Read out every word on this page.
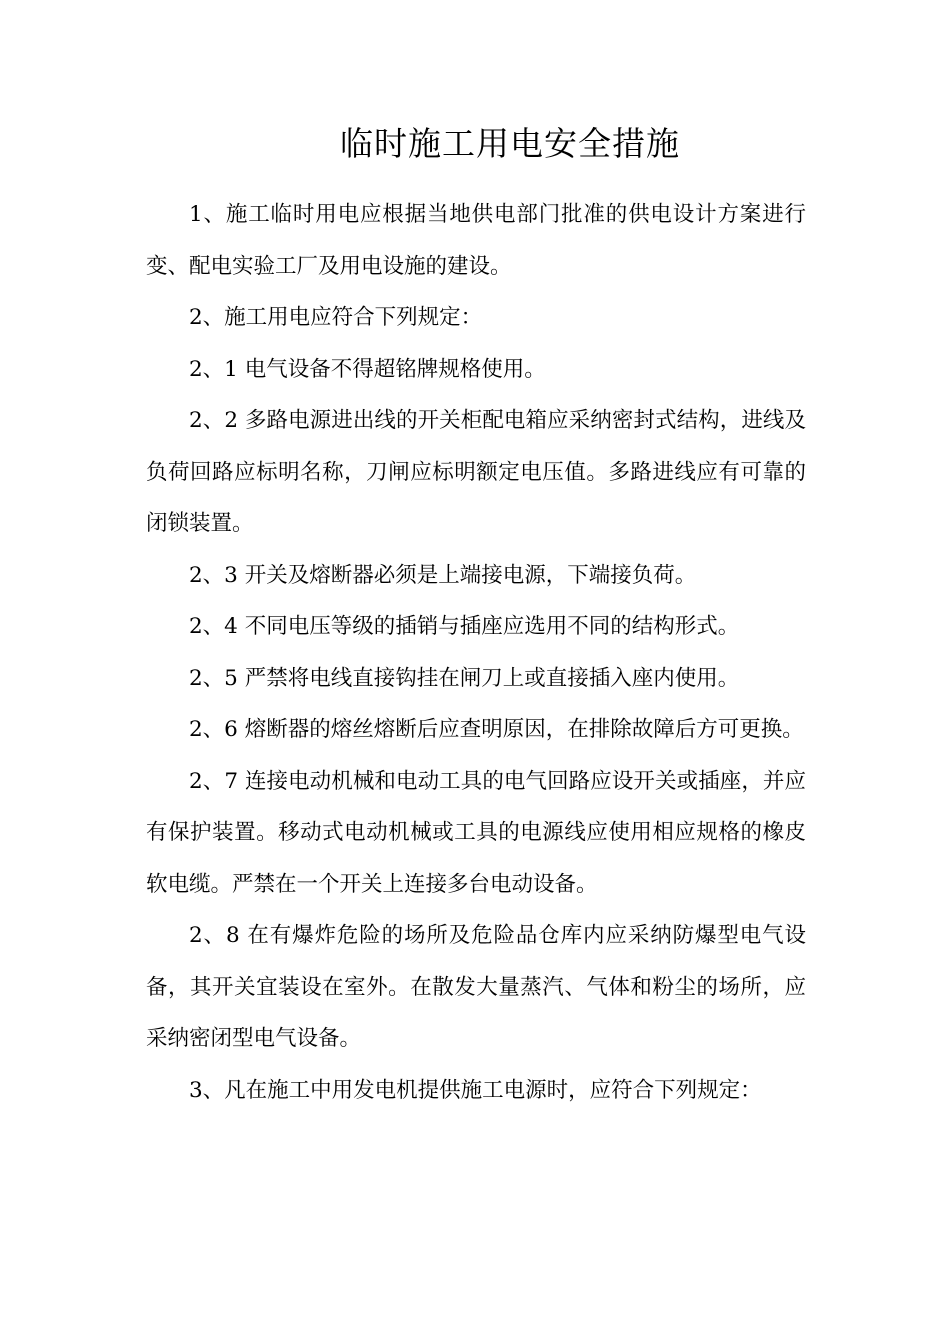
临时施工用电安全措施

1、施工临时用电应根据当地供电部门批准的供电设计方案进行变、配电实验工厂及用电设施的建设。

2、施工用电应符合下列规定：

2、1 电气设备不得超铭牌规格使用。

2、2 多路电源进出线的开关柜配电箱应采纳密封式结构，进线及负荷回路应标明名称，刀闸应标明额定电压值。多路进线应有可靠的闭锁装置。

2、3 开关及熔断器必须是上端接电源，下端接负荷。

2、4 不同电压等级的插销与插座应选用不同的结构形式。

2、5 严禁将电线直接钩挂在闸刀上或直接插入座内使用。

2、6 熔断器的熔丝熔断后应查明原因，在排除故障后方可更换。

2、7 连接电动机械和电动工具的电气回路应设开关或插座，并应有保护装置。移动式电动机械或工具的电源线应使用相应规格的橡皮软电缆。严禁在一个开关上连接多台电动设备。

2、8 在有爆炸危险的场所及危险品仓库内应采纳防爆型电气设备，其开关宜装设在室外。在散发大量蒸汽、气体和粉尘的场所，应采纳密闭型电气设备。

3、凡在施工中用发电机提供施工电源时，应符合下列规定：
